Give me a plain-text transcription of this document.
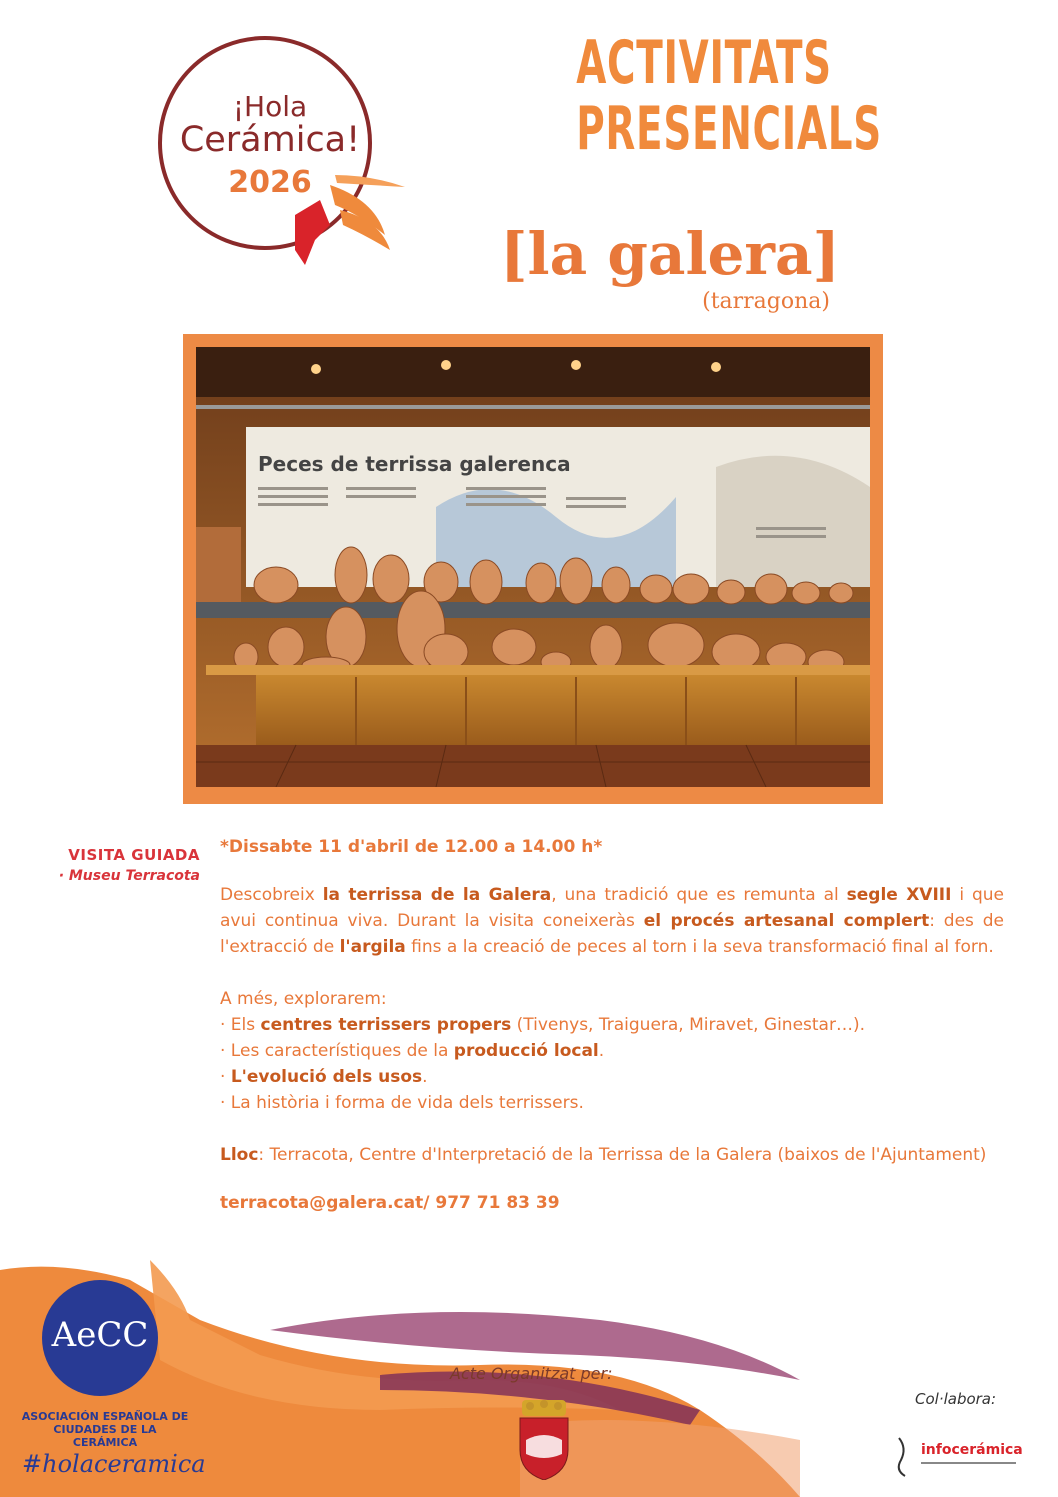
¡Hola
Cerámica!
2026
ACTIVITATS
PRESENCIALS
[la galera]
(tarragona)
Peces de terrissa galerenca
VISITA GUIADA
· Museu Terracota
*Dissabte 11 d'abril de 12.00 a 14.00 h*

Descobreix la terrissa de la Galera, una tradició que es remunta al segle XVIII i que avui continua viva. Durant la visita coneixeràs el procés artesanal complert: des de l'extracció de l'argila fins a la creació de peces al torn i la seva transformació final al forn.

A més, explorarem:
· Els centres terrissers propers (Tivenys, Traiguera, Miravet, Ginestar…).
· Les característiques de la producció local.
· L'evolució dels usos.
· La història i forma de vida dels terrissers.

Lloc: Terracota, Centre d'Interpretació de la Terrissa de la Galera (baixos de l'Ajuntament)

terracota@galera.cat/ 977 71 83 39
AeCC
ASOCIACIÓN ESPAÑOLA DE
CIUDADES DE LA CERÁMICA
#holaceramica
Acte Organitzat per:
Col·labora:
infocerámica
